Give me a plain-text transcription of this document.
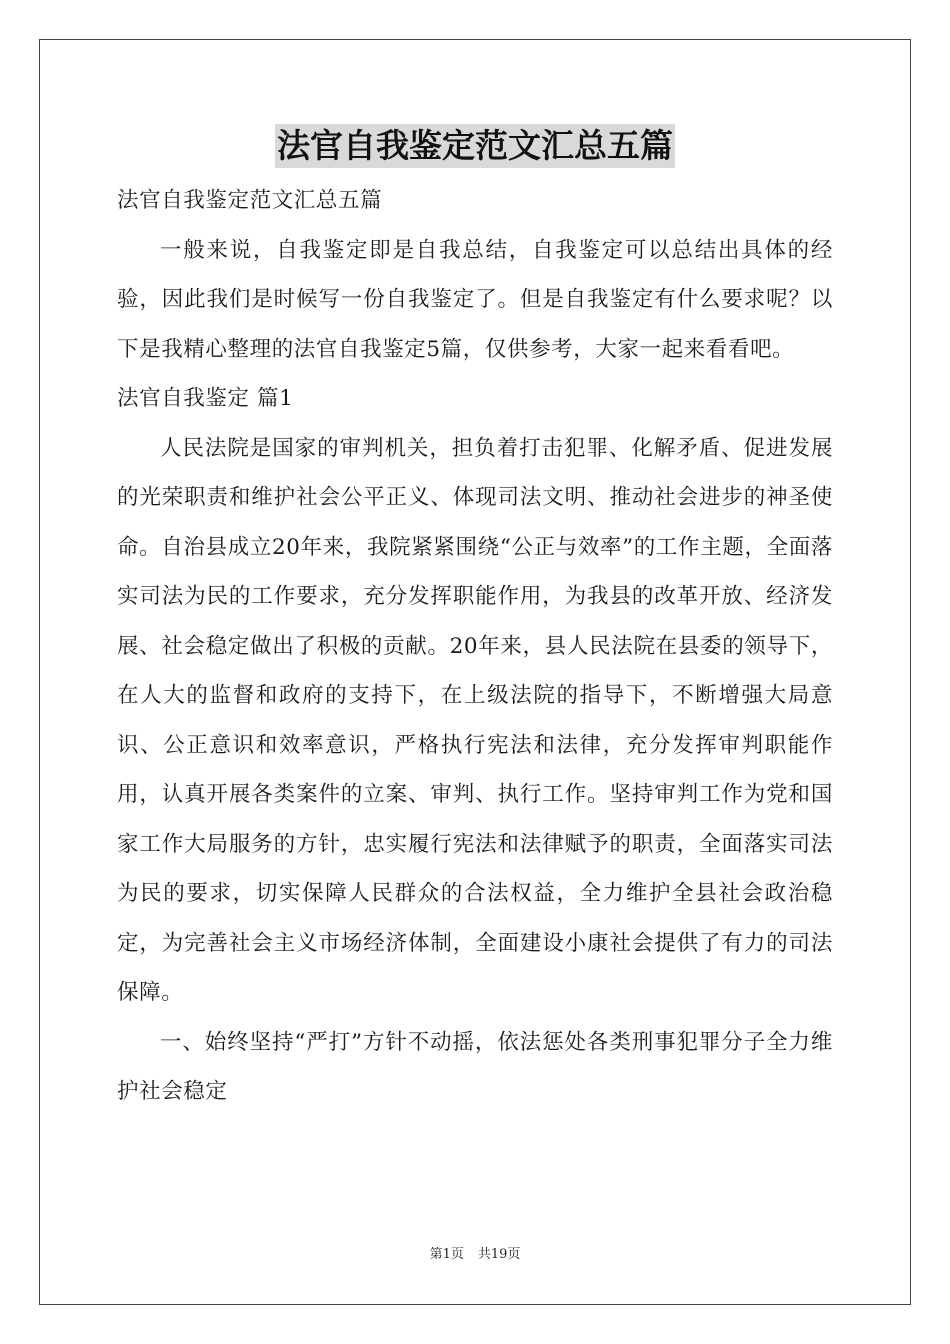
法官自我鉴定范文汇总五篇

法官自我鉴定范文汇总五篇

一般来说，自我鉴定即是自我总结，自我鉴定可以总结出具体的经验，因此我们是时候写一份自我鉴定了。但是自我鉴定有什么要求呢？以下是我精心整理的法官自我鉴定5篇，仅供参考，大家一起来看看吧。

法官自我鉴定 篇1

人民法院是国家的审判机关，担负着打击犯罪、化解矛盾、促进发展的光荣职责和维护社会公平正义、体现司法文明、推动社会进步的神圣使命。自治县成立20年来，我院紧紧围绕“公正与效率”的工作主题，全面落实司法为民的工作要求，充分发挥职能作用，为我县的改革开放、经济发展、社会稳定做出了积极的贡献。20年来，县人民法院在县委的领导下，在人大的监督和政府的支持下，在上级法院的指导下，不断增强大局意识、公正意识和效率意识，严格执行宪法和法律，充分发挥审判职能作用，认真开展各类案件的立案、审判、执行工作。坚持审判工作为党和国家工作大局服务的方针，忠实履行宪法和法律赋予的职责，全面落实司法为民的要求，切实保障人民群众的合法权益，全力维护全县社会政治稳定，为完善社会主义市场经济体制，全面建设小康社会提供了有力的司法保障。

一、始终坚持“严打”方针不动摇，依法惩处各类刑事犯罪分子全力维护社会稳定

第1页 共19页
